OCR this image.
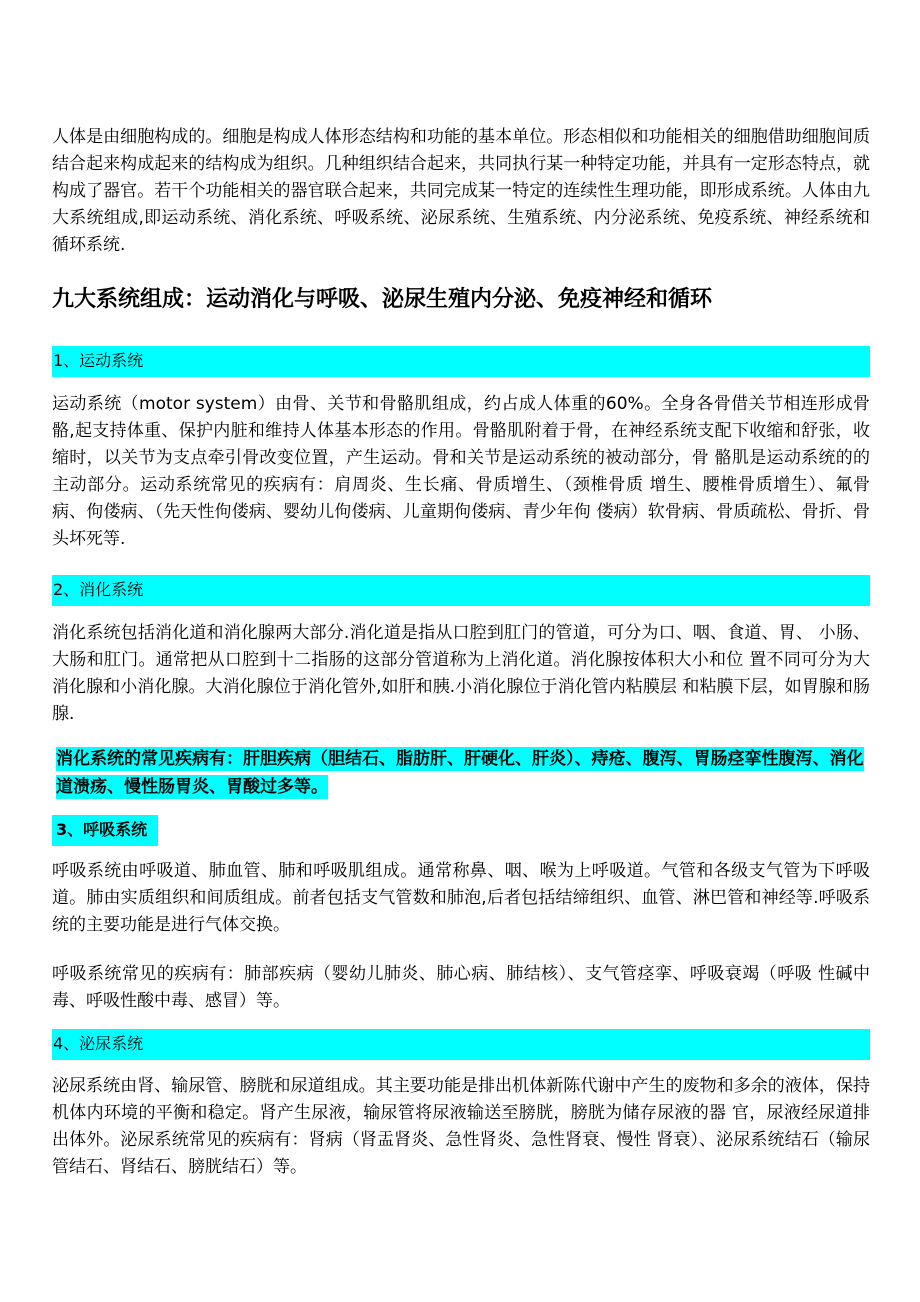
人体是由细胞构成的。细胞是构成人体形态结构和功能的基本单位。形态相似和功能相关的细胞借助细胞间质结合起来构成起来的结构成为组织。几种组织结合起来，共同执行某一种特定功能，并具有一定形态特点，就构成了器官。若干个功能相关的器官联合起来，共同完成某一特定的连续性生理功能，即形成系统。人体由九大系统组成,即运动系统、消化系统、呼吸系统、泌尿系统、生殖系统、内分泌系统、免疫系统、神经系统和循环系统.

九大系统组成：运动消化与呼吸、泌尿生殖内分泌、免疫神经和循环
1、运动系统

运动系统（motor system）由骨、关节和骨骼肌组成，约占成人体重的60%。全身各骨借关节相连形成骨骼,起支持体重、保护内脏和维持人体基本形态的作用。骨骼肌附着于骨，在神经系统支配下收缩和舒张，收缩时，以关节为支点牵引骨改变位置，产生运动。骨和关节是运动系统的被动部分，骨 骼肌是运动系统的的主动部分。运动系统常见的疾病有：肩周炎、生长痛、骨质增生、（颈椎骨质 增生、腰椎骨质增生）、氟骨病、佝偻病、（先天性佝偻病、婴幼儿佝偻病、儿童期佝偻病、青少年佝 偻病）软骨病、骨质疏松、骨折、骨头坏死等.

2、消化系统

消化系统包括消化道和消化腺两大部分.消化道是指从口腔到肛门的管道，可分为口、咽、食道、胃、 小肠、大肠和肛门。通常把从口腔到十二指肠的这部分管道称为上消化道。消化腺按体积大小和位 置不同可分为大消化腺和小消化腺。大消化腺位于消化管外,如肝和胰.小消化腺位于消化管内粘膜层 和粘膜下层，如胃腺和肠腺.

消化系统的常见疾病有：肝胆疾病（胆结石、脂肪肝、肝硬化、肝炎）、痔疮、腹泻、胃肠痉挛性腹泻、消化道溃疡、慢性肠胃炎、胃酸过多等。

3、呼吸系统

呼吸系统由呼吸道、肺血管、肺和呼吸肌组成。通常称鼻、咽、喉为上呼吸道。气管和各级支气管为下呼吸道。肺由实质组织和间质组成。前者包括支气管数和肺泡,后者包括结缔组织、血管、淋巴管和神经等.呼吸系统的主要功能是进行气体交换。

呼吸系统常见的疾病有：肺部疾病（婴幼儿肺炎、肺心病、肺结核）、支气管痉挛、呼吸衰竭（呼吸 性碱中毒、呼吸性酸中毒、感冒）等。

4、泌尿系统

泌尿系统由肾、输尿管、膀胱和尿道组成。其主要功能是排出机体新陈代谢中产生的废物和多余的液体，保持机体内环境的平衡和稳定。肾产生尿液，输尿管将尿液输送至膀胱，膀胱为储存尿液的器 官，尿液经尿道排出体外。泌尿系统常见的疾病有：肾病（肾盂肾炎、急性肾炎、急性肾衰、慢性 肾衰）、泌尿系统结石（输尿管结石、肾结石、膀胱结石）等。
